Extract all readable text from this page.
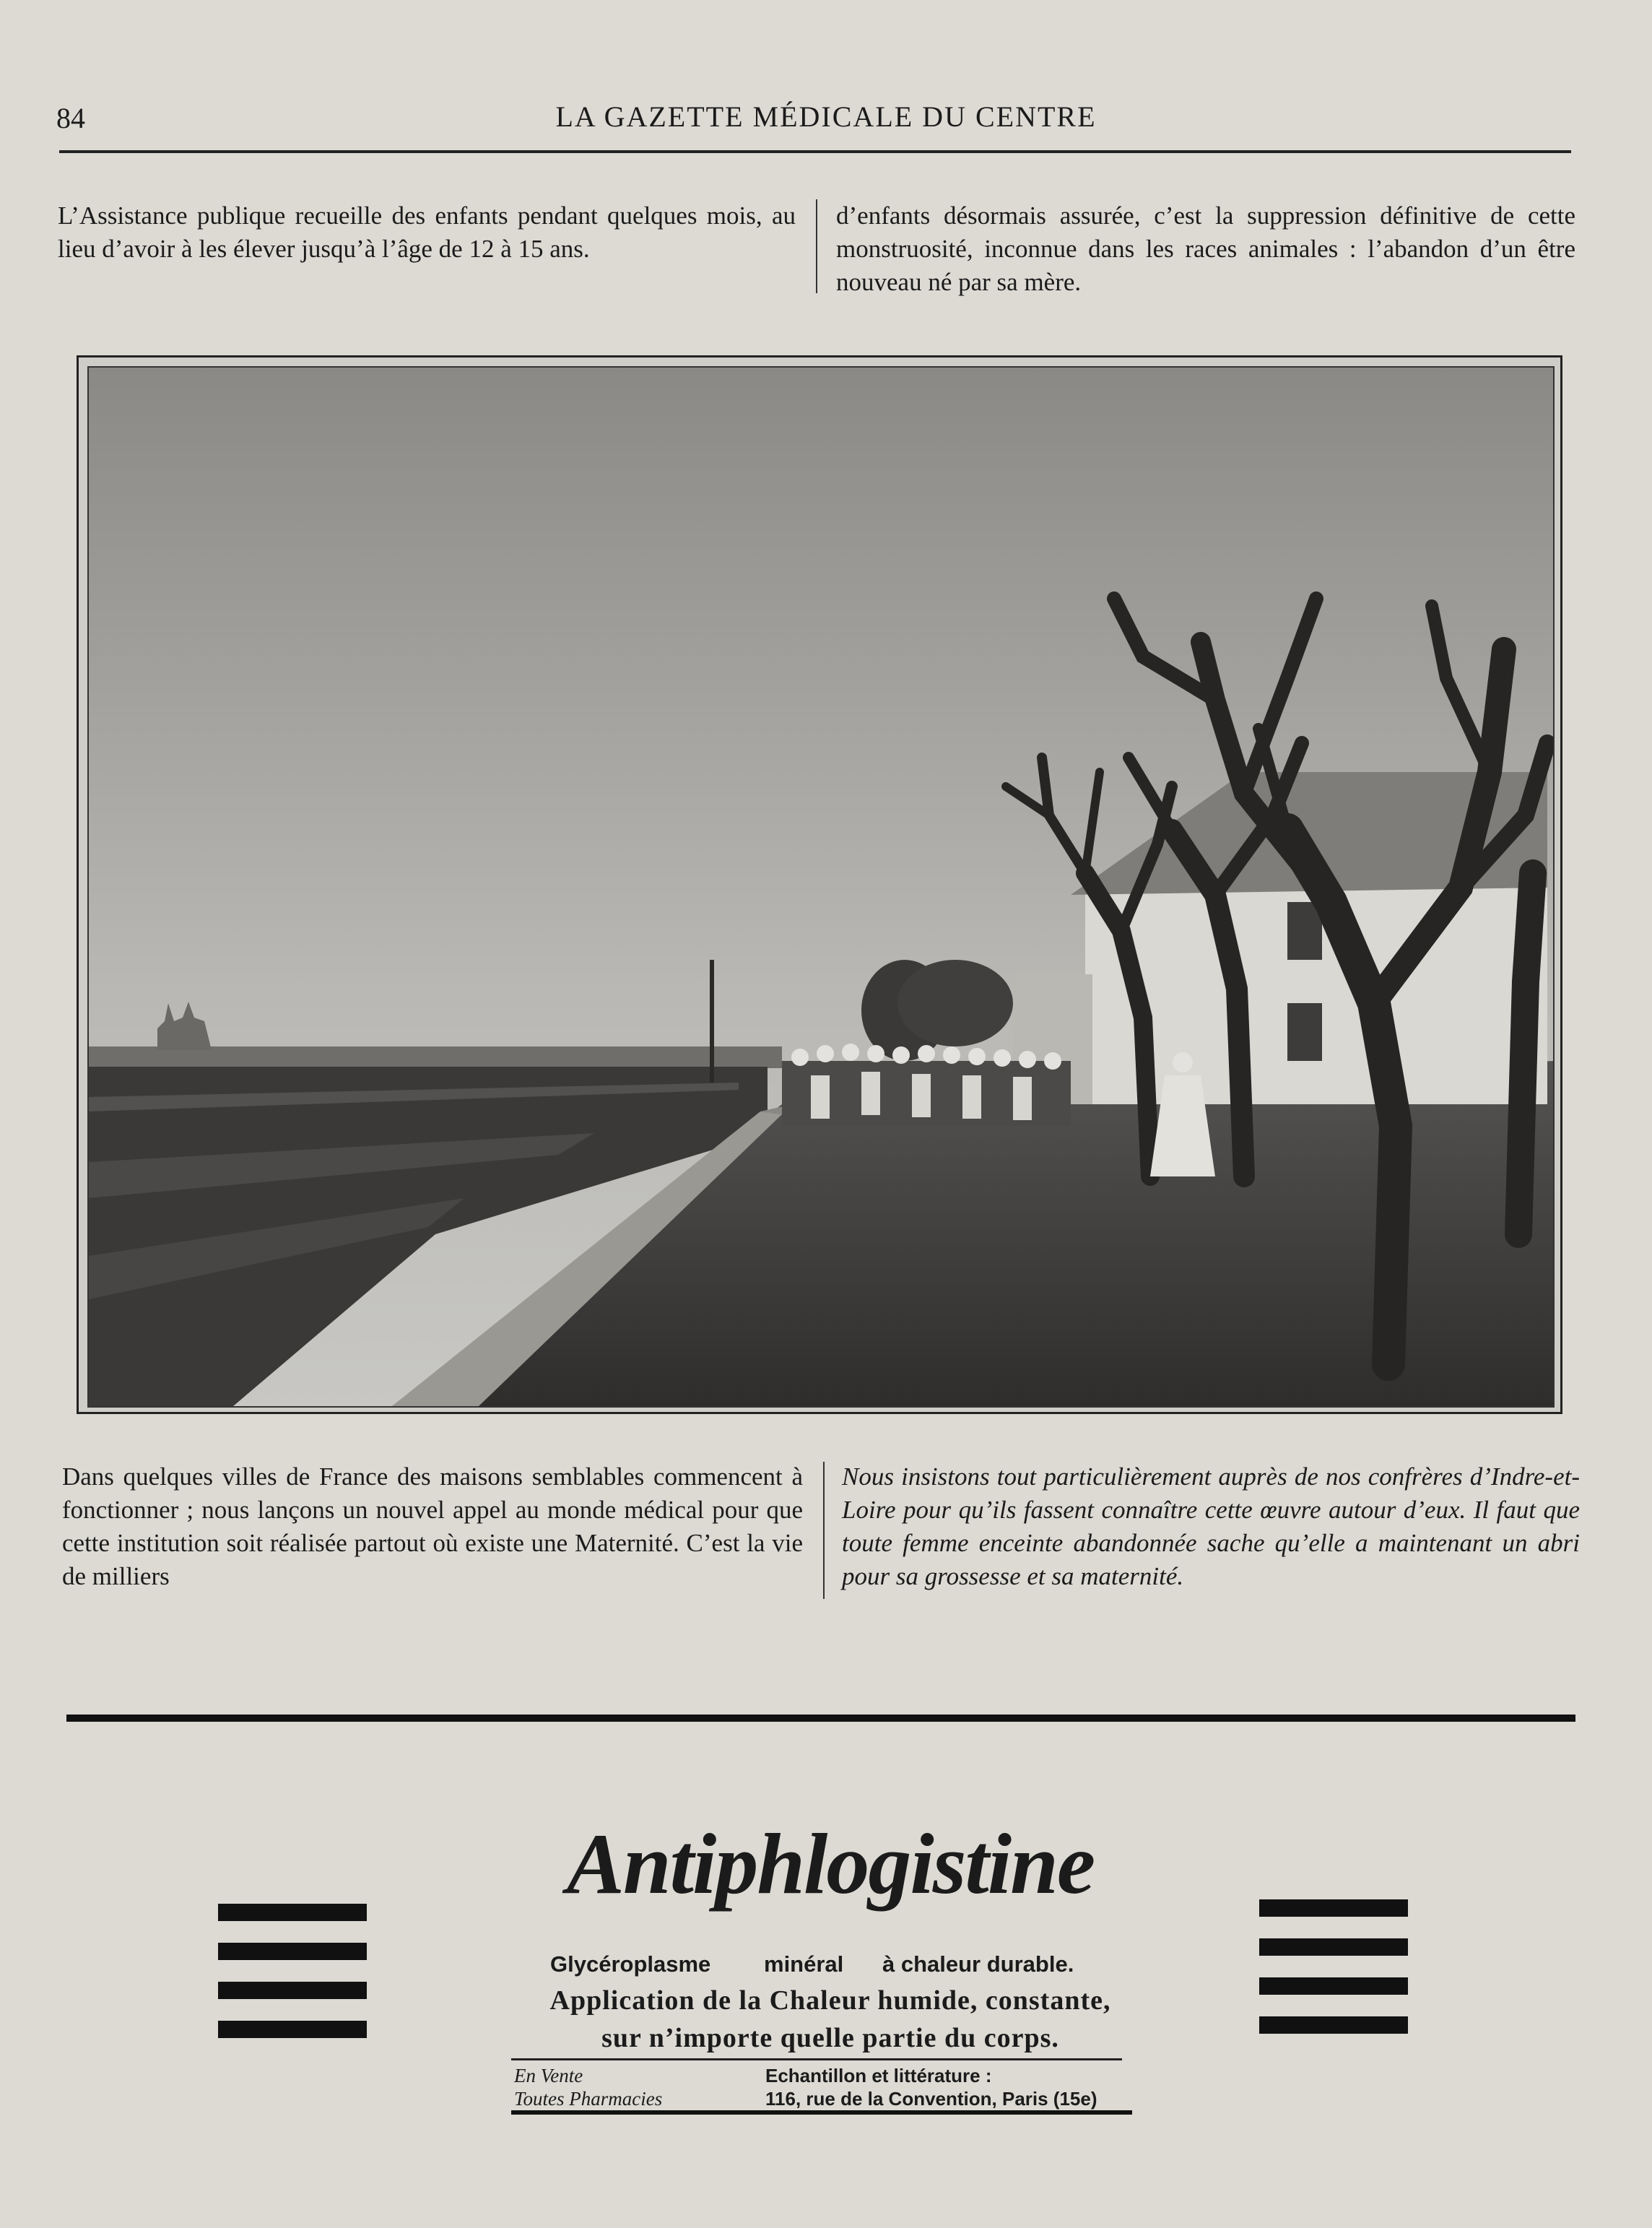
84	LA GAZETTE MÉDICALE DU CENTRE
L’Assistance publique recueille des enfants pendant quelques mois, au lieu d’avoir à les élever jusqu’à l’âge de 12 à 15 ans.
d’enfants désormais assurée, c’est la suppression définitive de cette monstruosité, inconnue dans les races animales : l’abandon d’un être nouveau né par sa mère.
Dans quelques villes de France des maisons semblables commencent à fonctionner ; nous lançons un nouvel appel au monde médical pour que cette institution soit réalisée partout où existe une Maternité. C’est la vie de milliers
Nous insistons tout particulièrement auprès de nos confrères d’Indre-et-Loire pour qu’ils fassent connaître cette œuvre autour d’eux. Il faut que toute femme enceinte abandonnée sache qu’elle a maintenant un abri pour sa grossesse et sa maternité.
Antiphlogistine
Glycéroplasme minéral à chaleur durable.
Application de la Chaleur humide, constante,
sur n’importe quelle partie du corps.
En Vente
Toutes Pharmacies
Echantillon et littérature :
116, rue de la Convention, Paris (15e)
